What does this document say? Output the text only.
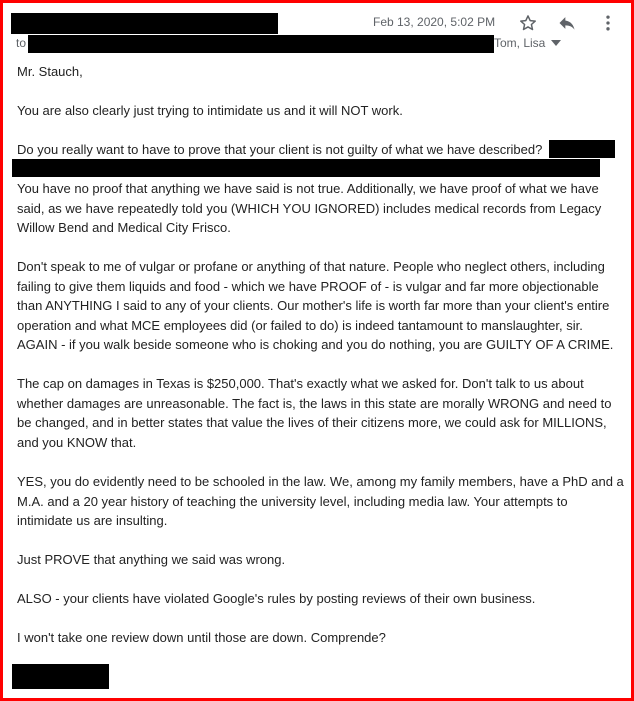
Feb 13, 2020, 5:02 PM
to	Tom, Lisa

Mr. Stauch,

You are also clearly just trying to intimidate us and it will NOT work.

Do you really want to have to prove that your client is not guilty of what we have described?

You have no proof that anything we have said is not true. Additionally, we have proof of what we have said, as we have repeatedly told you (WHICH YOU IGNORED) includes medical records from Legacy Willow Bend and Medical City Frisco.

Don't speak to me of vulgar or profane or anything of that nature. People who neglect others, including failing to give them liquids and food - which we have PROOF of - is vulgar and far more objectionable than ANYTHING I said to any of your clients. Our mother's life is worth far more than your client's entire operation and what MCE employees did (or failed to do) is indeed tantamount to manslaughter, sir. AGAIN - if you walk beside someone who is choking and you do nothing, you are GUILTY OF A CRIME.

The cap on damages in Texas is $250,000. That's exactly what we asked for. Don't talk to us about whether damages are unreasonable. The fact is, the laws in this state are morally WRONG and need to be changed, and in better states that value the lives of their citizens more, we could ask for MILLIONS, and you KNOW that.

YES, you do evidently need to be schooled in the law. We, among my family members, have a PhD and a M.A. and a 20 year history of teaching the university level, including media law. Your attempts to intimidate us are insulting.

Just PROVE that anything we said was wrong.

ALSO - your clients have violated Google's rules by posting reviews of their own business.

I won't take one review down until those are down. Comprende?
